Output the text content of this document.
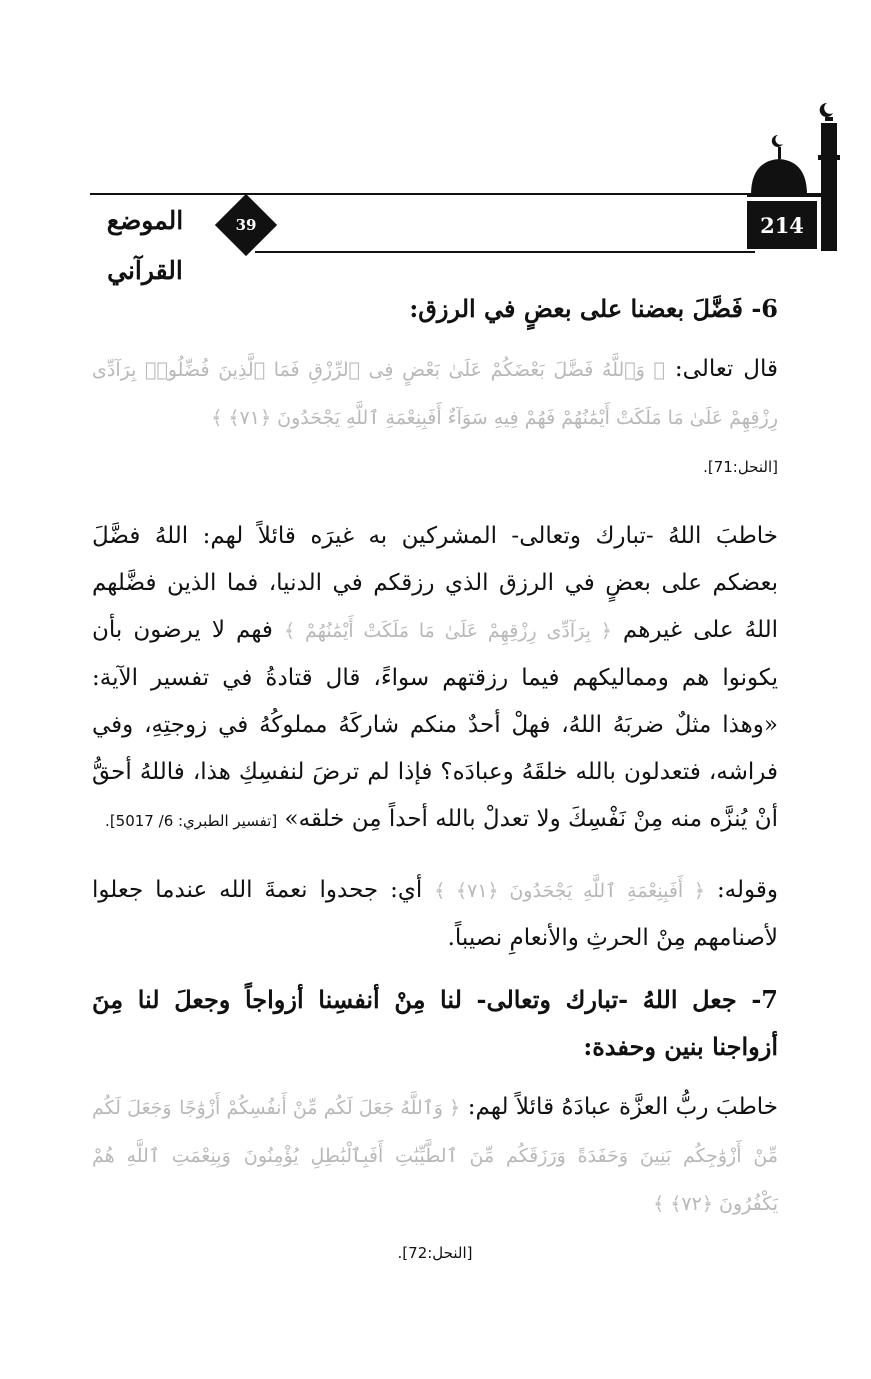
214
39
الموضع القرآني

6- فَضَّلَ بعضنا على بعضٍ في الرزق:

قال تعالى: ﴿ وَٱللَّهُ فَضَّلَ بَعْضَكُمْ عَلَىٰ بَعْضٍ فِى ٱلرِّزْقِ فَمَا ٱلَّذِينَ فُضِّلُوا۟ بِرَآدِّى رِزْقِهِمْ عَلَىٰ مَا مَلَكَتْ أَيْمَٰنُهُمْ فَهُمْ فِيهِ سَوَآءٌ أَفَبِنِعْمَةِ ٱللَّهِ يَجْحَدُونَ ﴿٧١﴾ ﴾

[النحل:71].

خاطبَ اللهُ -تبارك وتعالى- المشركين به غيرَه قائلاً لهم: اللهُ فضَّلَ بعضكم على بعضٍ في الرزق الذي رزقكم في الدنيا، فما الذين فضَّلهم اللهُ على غيرهم ﴿ بِرَآدِّى رِزْقِهِمْ عَلَىٰ مَا مَلَكَتْ أَيْمَٰنُهُمْ ﴾ فهم لا يرضون بأن يكونوا هم ومماليكهم فيما رزقتهم سواءً، قال قتادةُ في تفسير الآية: «وهذا مثلٌ ضربَهُ اللهُ، فهلْ أحدٌ منكم شاركَهُ مملوكُهُ في زوجتِهِ، وفي فراشه، فتعدلون بالله خلقَهُ وعبادَه؟ فإذا لم ترضَ لنفسِكِ هذا، فاللهُ أحقُّ أنْ يُنزَّه منه مِنْ نَفْسِكَ ولا تعدلْ بالله أحداً مِن خلقه» [تفسير الطبري: 6/ 5017].

وقوله: ﴿ أَفَبِنِعْمَةِ ٱللَّهِ يَجْحَدُونَ ﴿٧١﴾ ﴾ أي: جحدوا نعمةَ الله عندما جعلوا لأصنامهم مِنْ الحرثِ والأنعامِ نصيباً.

7- جعل اللهُ -تبارك وتعالى- لنا مِنْ أنفسِنا أزواجاً وجعلَ لنا مِنَ أزواجنا بنين وحفدة:

خاطبَ ربُّ العزَّة عبادَهُ قائلاً لهم: ﴿ وَٱللَّهُ جَعَلَ لَكُم مِّنْ أَنفُسِكُمْ أَزْوَٰجًا وَجَعَلَ لَكُم مِّنْ أَزْوَٰجِكُم بَنِينَ وَحَفَدَةً وَرَزَقَكُم مِّنَ ٱلطَّيِّبَٰتِ أَفَبِٱلْبَٰطِلِ يُؤْمِنُونَ وَبِنِعْمَتِ ٱللَّهِ هُمْ يَكْفُرُونَ ﴿٧٢﴾ ﴾

[النحل:72].
